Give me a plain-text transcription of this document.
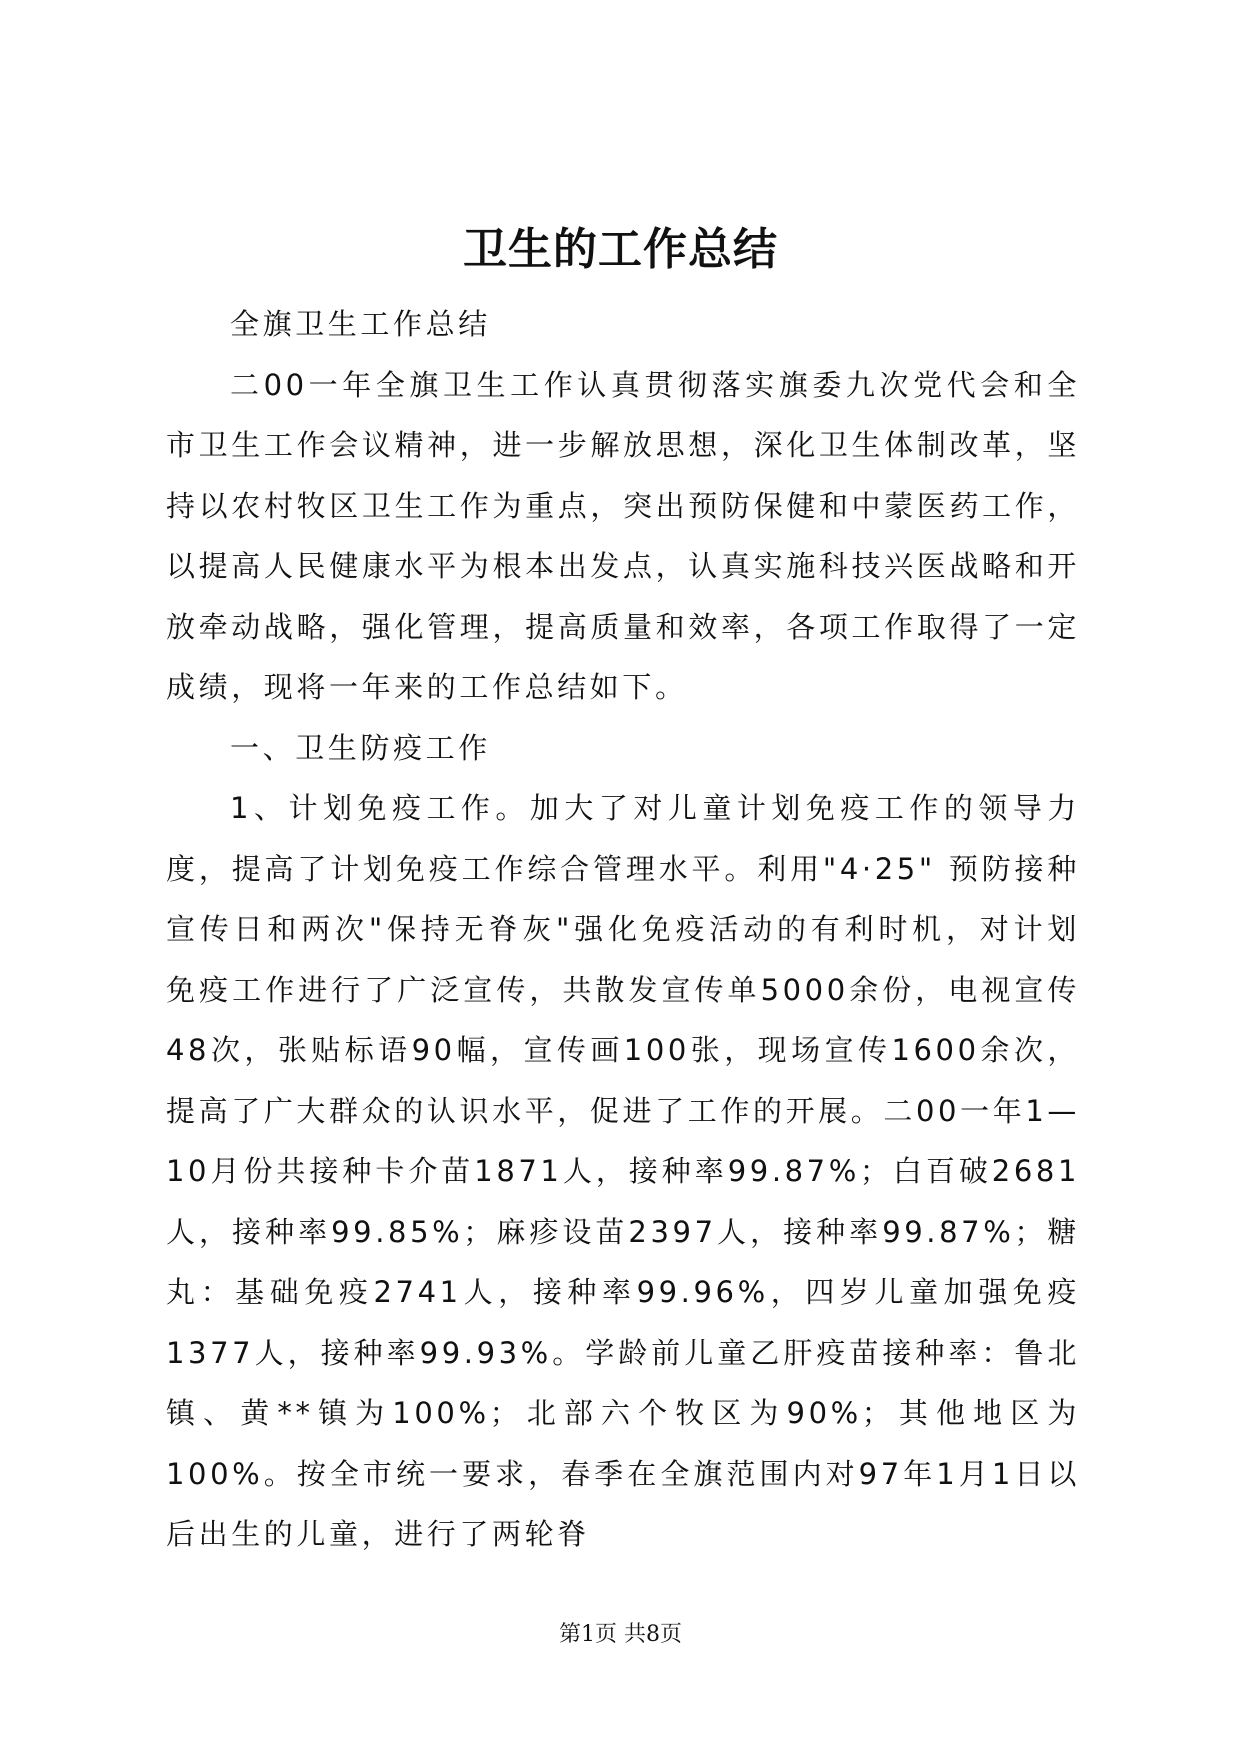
卫生的工作总结

全旗卫生工作总结

二00一年全旗卫生工作认真贯彻落实旗委九次党代会和全市卫生工作会议精神，进一步解放思想，深化卫生体制改革，坚持以农村牧区卫生工作为重点，突出预防保健和中蒙医药工作，以提高人民健康水平为根本出发点，认真实施科技兴医战略和开放牵动战略，强化管理，提高质量和效率，各项工作取得了一定成绩，现将一年来的工作总结如下。

一、卫生防疫工作

1、计划免疫工作。加大了对儿童计划免疫工作的领导力度，提高了计划免疫工作综合管理水平。利用"4·25" 预防接种宣传日和两次"保持无脊灰"强化免疫活动的有利时机，对计划免疫工作进行了广泛宣传，共散发宣传单5000余份，电视宣传48次，张贴标语90幅，宣传画100张，现场宣传1600余次，提高了广大群众的认识水平，促进了工作的开展。二00一年1—10月份共接种卡介苗1871人，接种率99.87%；白百破2681人，接种率99.85%；麻疹设苗2397人，接种率99.87%；糖丸：基础免疫2741人，接种率99.96%，四岁儿童加强免疫1377人，接种率99.93%。学龄前儿童乙肝疫苗接种率：鲁北镇、黄**镇为100%；北部六个牧区为90%；其他地区为100%。按全市统一要求，春季在全旗范围内对97年1月1日以后出生的儿童，进行了两轮脊

第1页 共8页
